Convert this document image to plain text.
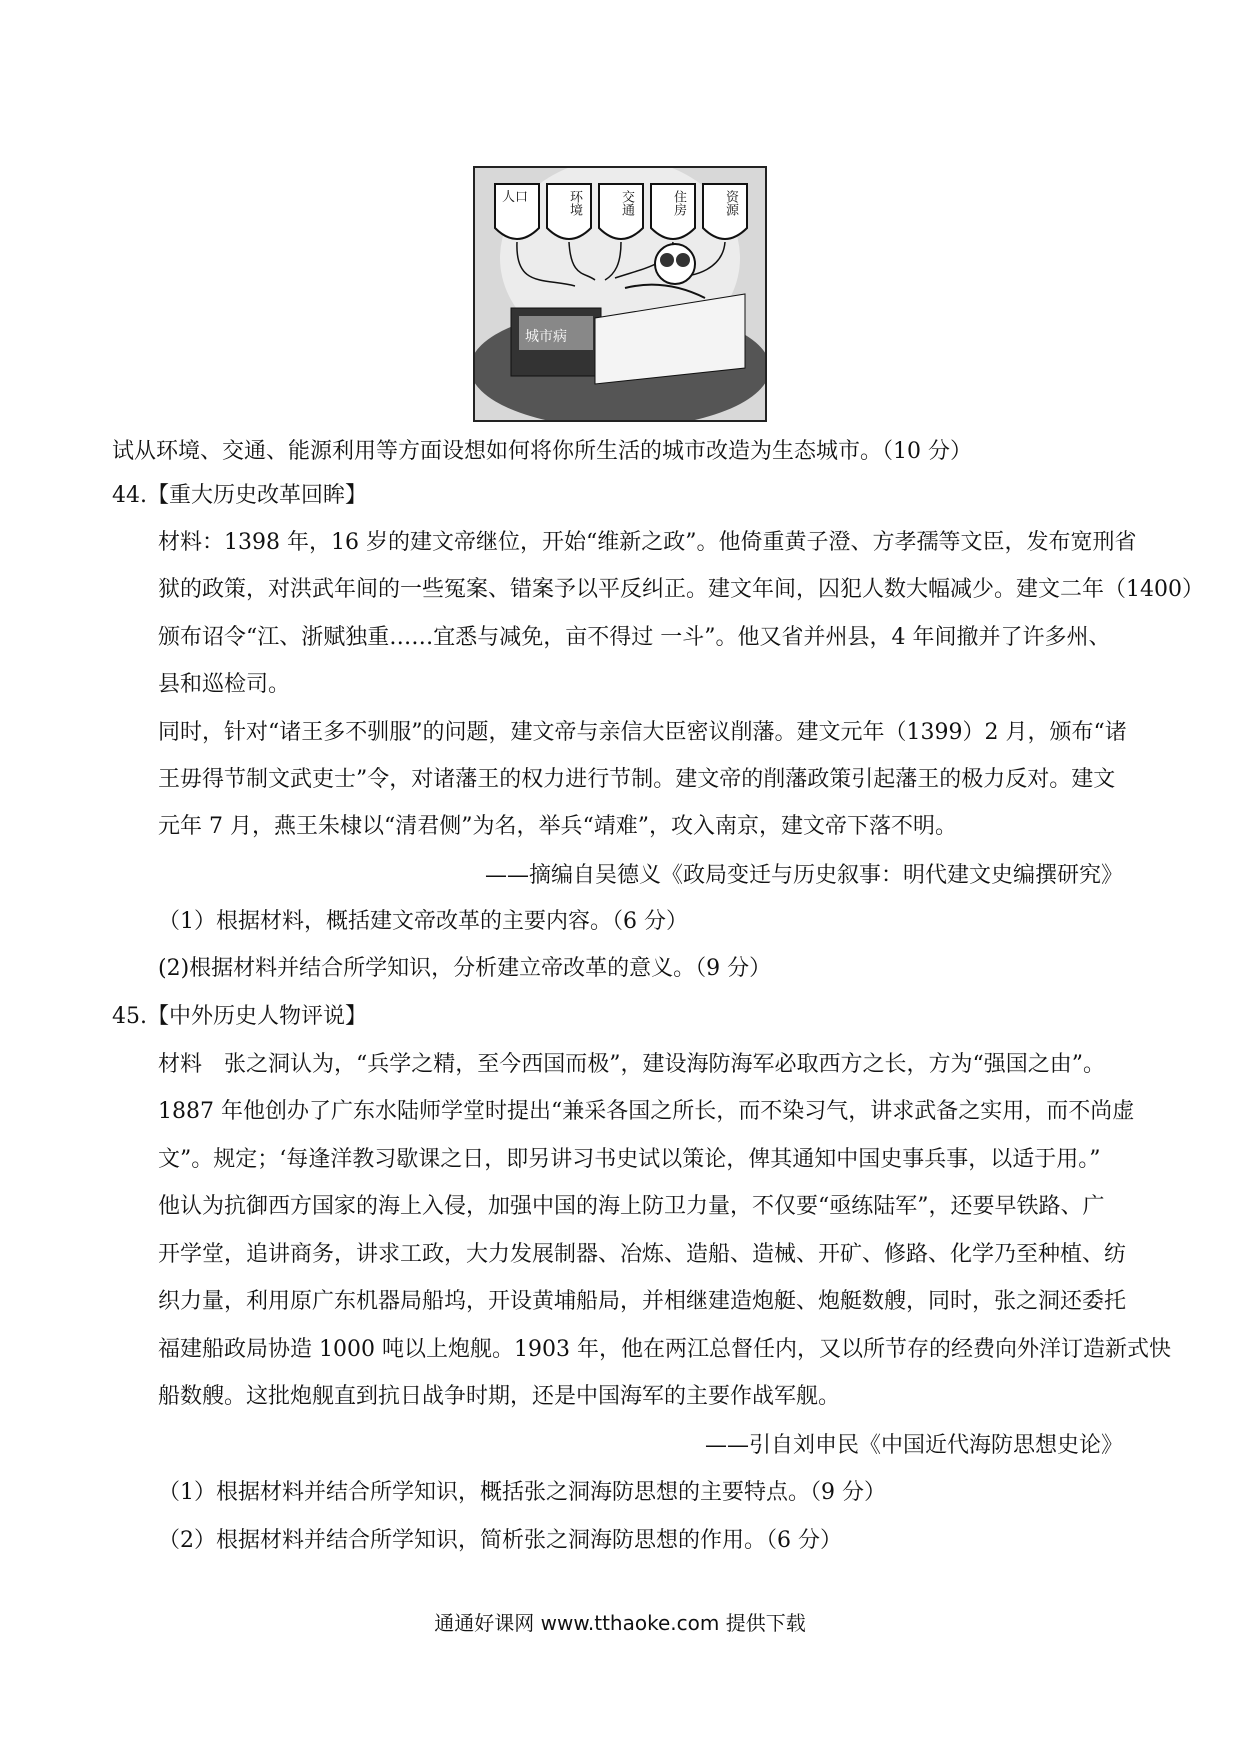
人口	环境	交通	住房	资源
城市病
试从环境、交通、能源利用等方面设想如何将你所生活的城市改造为生态城市。（10 分）
44.【重大历史改革回眸】
材料：1398 年，16 岁的建文帝继位，开始“维新之政”。他倚重黄子澄、方孝孺等文臣，发布宽刑省
狱的政策，对洪武年间的一些冤案、错案予以平反纠正。建文年间，囚犯人数大幅减少。建文二年（1400）
颁布诏令“江、浙赋独重……宜悉与减免，亩不得过 一斗”。他又省并州县，4 年间撤并了许多州、
县和巡检司。
同时，针对“诸王多不驯服”的问题，建文帝与亲信大臣密议削藩。建文元年（1399）2 月，颁布“诸
王毋得节制文武吏士”令，对诸藩王的权力进行节制。建文帝的削藩政策引起藩王的极力反对。建文
元年 7 月，燕王朱棣以“清君侧”为名，举兵“靖难”，攻入南京，建文帝下落不明。
——摘编自吴德义《政局变迁与历史叙事：明代建文史编撰研究》
（1）根据材料，概括建文帝改革的主要内容。（6 分）
(2)根据材料并结合所学知识，分析建立帝改革的意义。（9 分）
45.【中外历史人物评说】
材料　张之洞认为，“兵学之精，至今西国而极”，建设海防海军必取西方之长，方为“强国之由”。
1887 年他创办了广东水陆师学堂时提出“兼采各国之所长，而不染习气，讲求武备之实用，而不尚虚
文”。规定；‘每逢洋教习歇课之日，即另讲习书史试以策论，俾其通知中国史事兵事，以适于用。”
他认为抗御西方国家的海上入侵，加强中国的海上防卫力量，不仅要“亟练陆军”，还要早铁路、广
开学堂，追讲商务，讲求工政，大力发展制器、冶炼、造船、造械、开矿、修路、化学乃至种植、纺
织力量，利用原广东机器局船坞，开设黄埔船局，并相继建造炮艇、炮艇数艘，同时，张之洞还委托
福建船政局协造 1000 吨以上炮舰。1903 年，他在两江总督任内，又以所节存的经费向外洋订造新式快
船数艘。这批炮舰直到抗日战争时期，还是中国海军的主要作战军舰。
——引自刘申民《中国近代海防思想史论》
（1）根据材料并结合所学知识，概括张之洞海防思想的主要特点。（9 分）
（2）根据材料并结合所学知识，简析张之洞海防思想的作用。（6 分）
通通好课网 www.tthaoke.com 提供下载
